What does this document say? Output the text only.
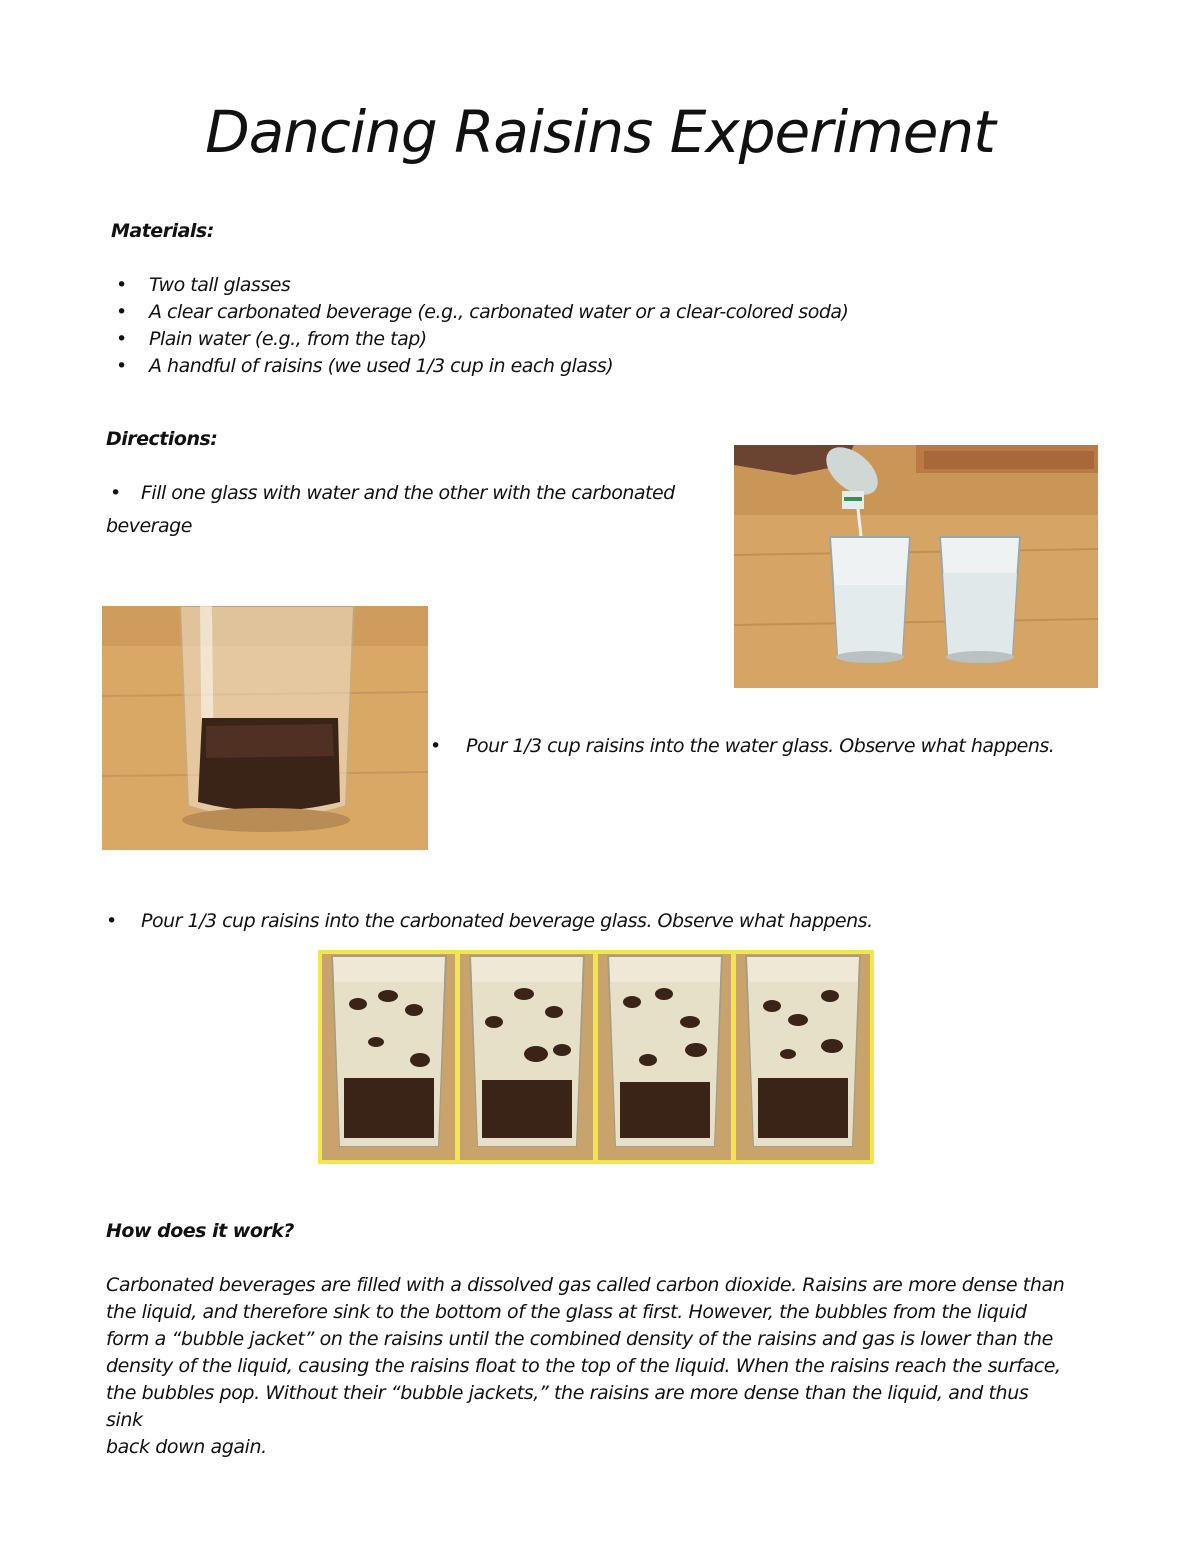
Dancing Raisins Experiment
Materials:
• Two tall glasses
• A clear carbonated beverage (e.g., carbonated water or a clear-colored soda)
• Plain water (e.g., from the tap)
• A handful of raisins (we used 1/3 cup in each glass)
Directions:
• Fill one glass with water and the other with the carbonated
beverage
• Pour 1/3 cup raisins into the water glass. Observe what happens.
• Pour 1/3 cup raisins into the carbonated beverage glass. Observe what happens.
How does it work?
Carbonated beverages are filled with a dissolved gas called carbon dioxide. Raisins are more dense than
the liquid, and therefore sink to the bottom of the glass at first. However, the bubbles from the liquid
form a “bubble jacket” on the raisins until the combined density of the raisins and gas is lower than the
density of the liquid, causing the raisins float to the top of the liquid. When the raisins reach the surface,
the bubbles pop. Without their “bubble jackets,” the raisins are more dense than the liquid, and thus sink
back down again.
